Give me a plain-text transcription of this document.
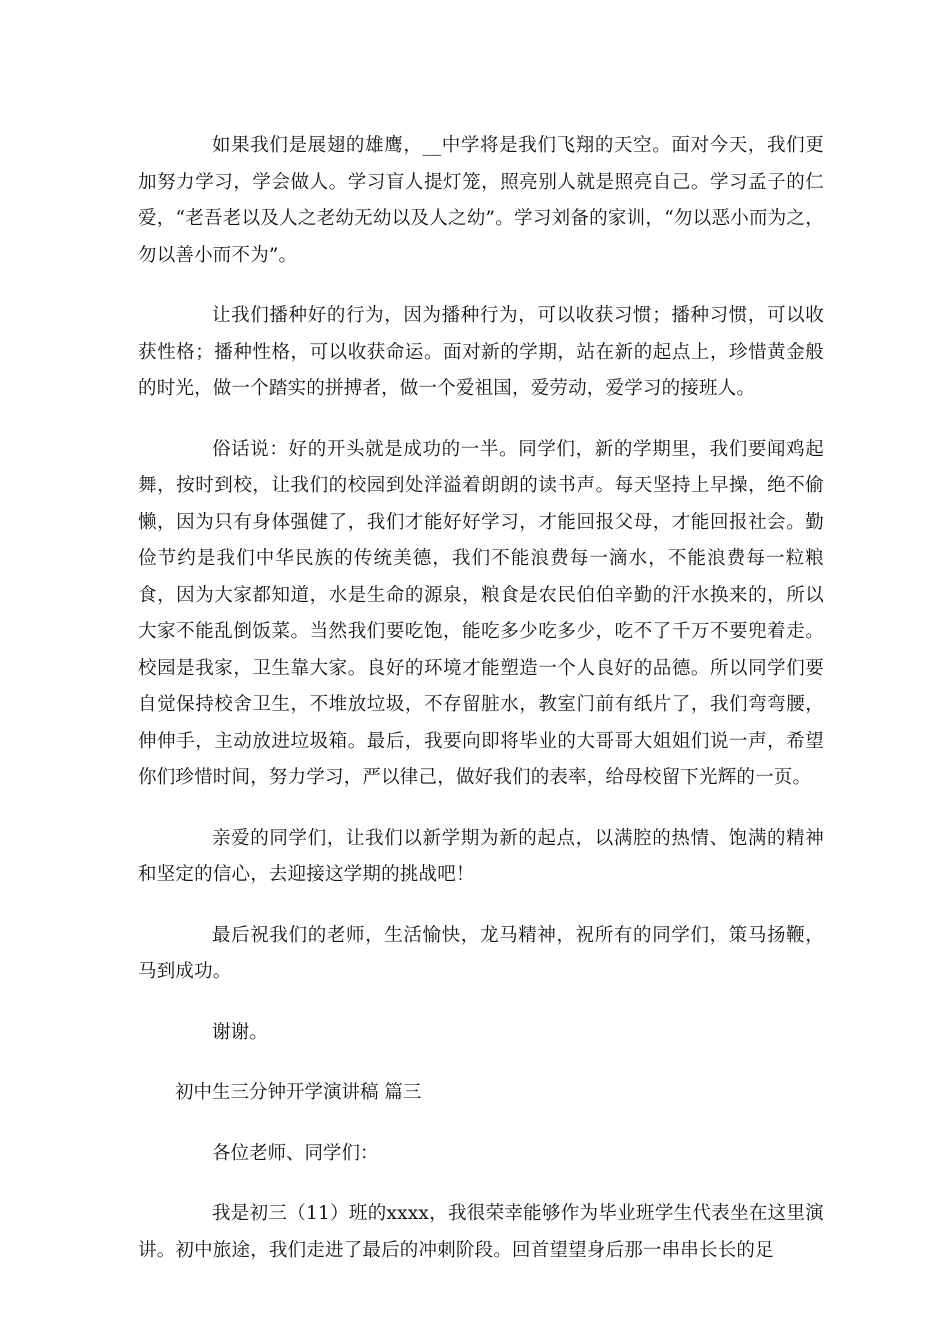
如果我们是展翅的雄鹰，__中学将是我们飞翔的天空。面对今天，我们更加努力学习，学会做人。学习盲人提灯笼，照亮别人就是照亮自己。学习孟子的仁爱，“老吾老以及人之老幼无幼以及人之幼”。学习刘备的家训，“勿以恶小而为之，勿以善小而不为”。

让我们播种好的行为，因为播种行为，可以收获习惯；播种习惯，可以收获性格；播种性格，可以收获命运。面对新的学期，站在新的起点上，珍惜黄金般的时光，做一个踏实的拼搏者，做一个爱祖国，爱劳动，爱学习的接班人。

俗话说：好的开头就是成功的一半。同学们，新的学期里，我们要闻鸡起舞，按时到校，让我们的校园到处洋溢着朗朗的读书声。每天坚持上早操，绝不偷懒，因为只有身体强健了，我们才能好好学习，才能回报父母，才能回报社会。勤俭节约是我们中华民族的传统美德，我们不能浪费每一滴水，不能浪费每一粒粮食，因为大家都知道，水是生命的源泉，粮食是农民伯伯辛勤的汗水换来的，所以大家不能乱倒饭菜。当然我们要吃饱，能吃多少吃多少，吃不了千万不要兜着走。校园是我家，卫生靠大家。良好的环境才能塑造一个人良好的品德。所以同学们要自觉保持校舍卫生，不堆放垃圾，不存留脏水，教室门前有纸片了，我们弯弯腰，伸伸手，主动放进垃圾箱。最后，我要向即将毕业的大哥哥大姐姐们说一声，希望你们珍惜时间，努力学习，严以律己，做好我们的表率，给母校留下光辉的一页。

亲爱的同学们，让我们以新学期为新的起点，以满腔的热情、饱满的精神和坚定的信心，去迎接这学期的挑战吧！

最后祝我们的老师，生活愉快，龙马精神，祝所有的同学们，策马扬鞭，马到成功。

谢谢。

初中生三分钟开学演讲稿 篇三

各位老师、同学们：

我是初三（11）班的xxxx，我很荣幸能够作为毕业班学生代表坐在这里演讲。初中旅途，我们走进了最后的冲刺阶段。回首望望身后那一串串长长的足
